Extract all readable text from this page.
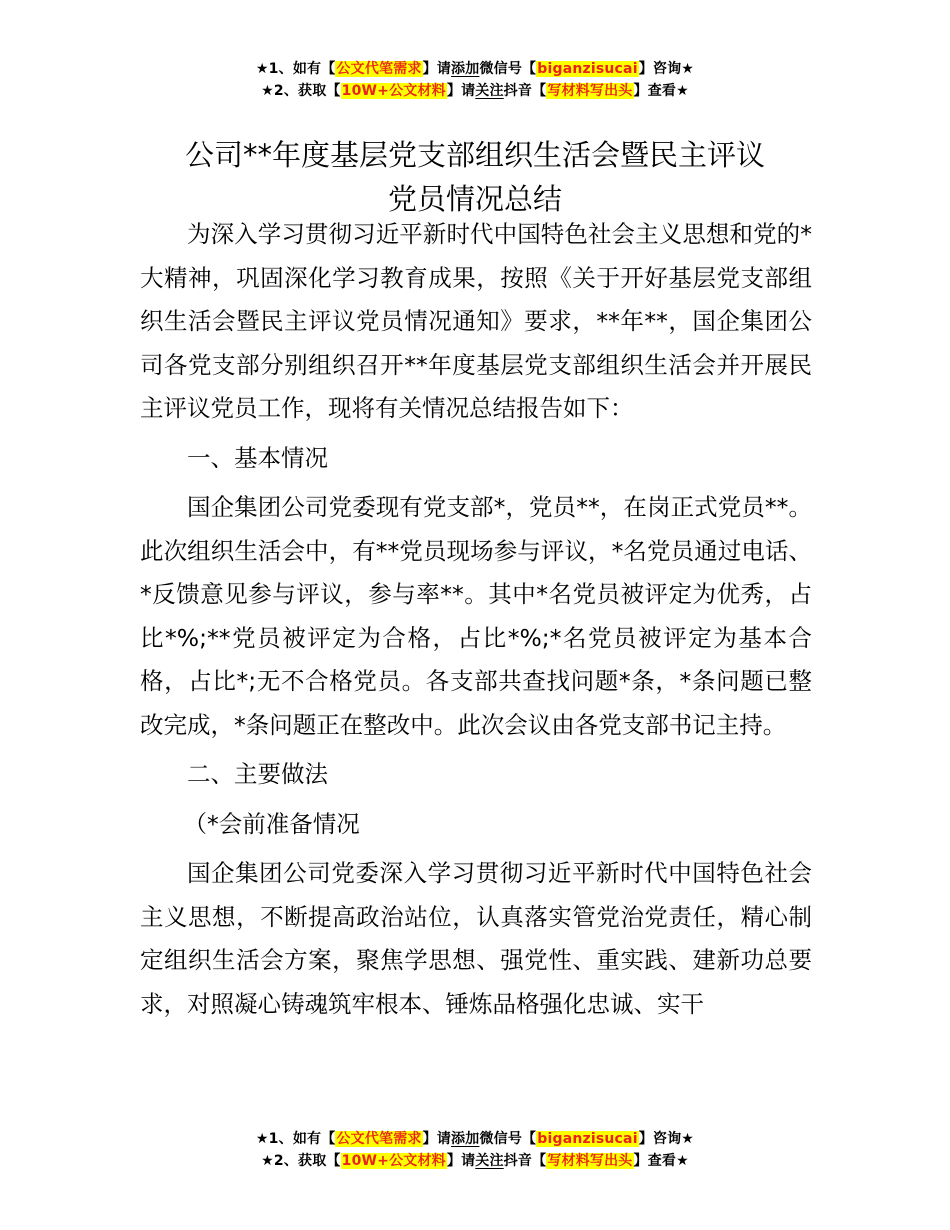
★1、如有【公文代笔需求】请添加微信号【biganzisucai】咨询★
★2、获取【10W+公文材料】请关注抖音【写材料写出头】查看★
公司**年度基层党支部组织生活会暨民主评议
党员情况总结

为深入学习贯彻习近平新时代中国特色社会主义思想和党的*大精神，巩固深化学习教育成果，按照《关于开好基层党支部组织生活会暨民主评议党员情况通知》要求，**年**，国企集团公司各党支部分别组织召开**年度基层党支部组织生活会并开展民主评议党员工作，现将有关情况总结报告如下：

一、基本情况

国企集团公司党委现有党支部*，党员**，在岗正式党员**。此次组织生活会中，有**党员现场参与评议，*名党员通过电话、*反馈意见参与评议，参与率**。其中*名党员被评定为优秀，占比*%;**党员被评定为合格，占比*%;*名党员被评定为基本合格，占比*;无不合格党员。各支部共查找问题*条，*条问题已整改完成，*条问题正在整改中。此次会议由各党支部书记主持。

二、主要做法

（*会前准备情况

国企集团公司党委深入学习贯彻习近平新时代中国特色社会主义思想，不断提高政治站位，认真落实管党治党责任，精心制定组织生活会方案，聚焦学思想、强党性、重实践、建新功总要求，对照凝心铸魂筑牢根本、锤炼品格强化忠诚、实干

★1、如有【公文代笔需求】请添加微信号【biganzisucai】咨询★
★2、获取【10W+公文材料】请关注抖音【写材料写出头】查看★
